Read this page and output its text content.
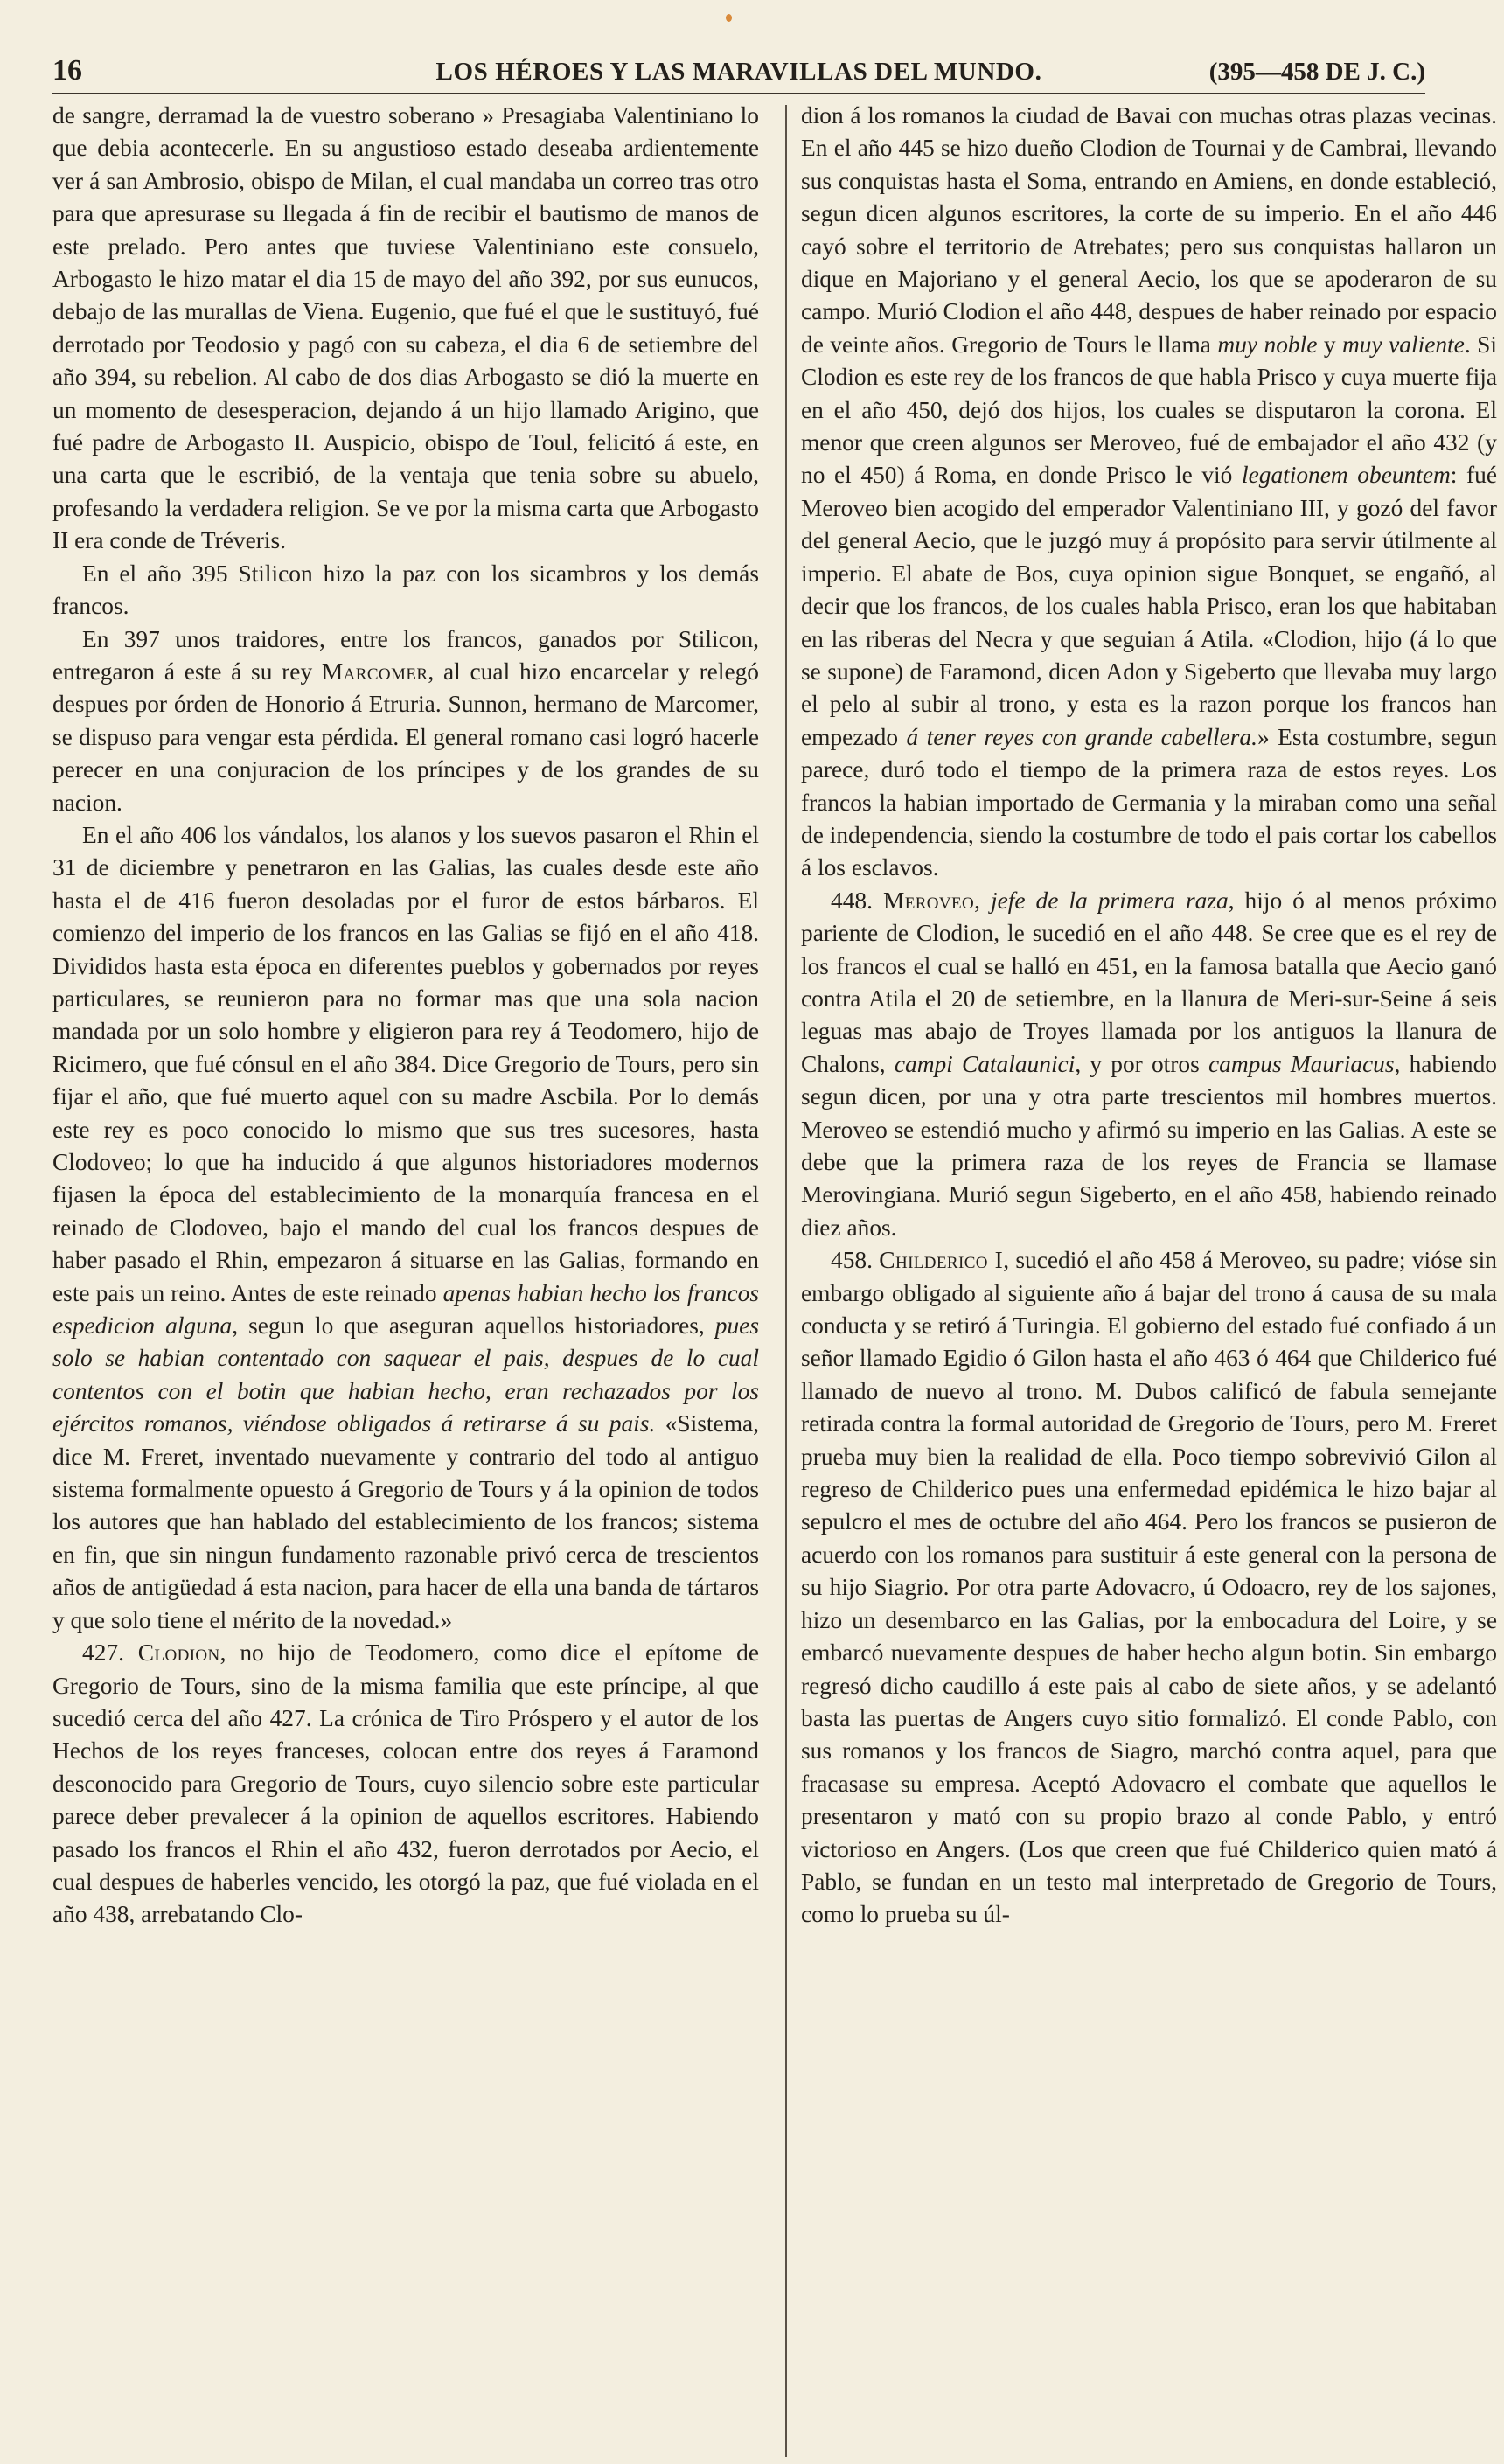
16	LOS HÉROES Y LAS MARAVILLAS DEL MUNDO.	(395—458 DE J. C.)

de sangre, derramad la de vuestro soberano » Presagiaba Valentiniano lo que debia acontecerle. En su angustioso estado deseaba ardientemente ver á san Ambrosio, obispo de Milan, el cual mandaba un correo tras otro para que apresurase su llegada á fin de recibir el bautismo de manos de este prelado. Pero antes que tuviese Valentiniano este consuelo, Arbogasto le hizo matar el dia 15 de mayo del año 392, por sus eunucos, debajo de las murallas de Viena. Eugenio, que fué el que le sustituyó, fué derrotado por Teodosio y pagó con su cabeza, el dia 6 de setiembre del año 394, su rebelion. Al cabo de dos dias Arbogasto se dió la muerte en un momento de desesperacion, dejando á un hijo llamado Arigino, que fué padre de Arbogasto II. Auspicio, obispo de Toul, felicitó á este, en una carta que le escribió, de la ventaja que tenia sobre su abuelo, profesando la verdadera religion. Se ve por la misma carta que Arbogasto II era conde de Tréveris.

En el año 395 Stilicon hizo la paz con los sicambros y los demás francos.

En 397 unos traidores, entre los francos, ganados por Stilicon, entregaron á este á su rey Marcomer, al cual hizo encarcelar y relegó despues por órden de Honorio á Etruria. Sunnon, hermano de Marcomer, se dispuso para vengar esta pérdida. El general romano casi logró hacerle perecer en una conjuracion de los príncipes y de los grandes de su nacion.

En el año 406 los vándalos, los alanos y los suevos pasaron el Rhin el 31 de diciembre y penetraron en las Galias, las cuales desde este año hasta el de 416 fueron desoladas por el furor de estos bárbaros. El comienzo del imperio de los francos en las Galias se fijó en el año 418. Divididos hasta esta época en diferentes pueblos y gobernados por reyes particulares, se reunieron para no formar mas que una sola nacion mandada por un solo hombre y eligieron para rey á Teodomero, hijo de Ricimero, que fué cónsul en el año 384. Dice Gregorio de Tours, pero sin fijar el año, que fué muerto aquel con su madre Ascbila. Por lo demás este rey es poco conocido lo mismo que sus tres sucesores, hasta Clodoveo; lo que ha inducido á que algunos historiadores modernos fijasen la época del establecimiento de la monarquía francesa en el reinado de Clodoveo, bajo el mando del cual los francos despues de haber pasado el Rhin, empezaron á situarse en las Galias, formando en este pais un reino. Antes de este reinado apenas habian hecho los francos espedicion alguna, segun lo que aseguran aquellos historiadores, pues solo se habian contentado con saquear el pais, despues de lo cual contentos con el botin que habian hecho, eran rechazados por los ejércitos romanos, viéndose obligados á retirarse á su pais. «Sistema, dice M. Freret, inventado nuevamente y contrario del todo al antiguo sistema formalmente opuesto á Gregorio de Tours y á la opinion de todos los autores que han hablado del establecimiento de los francos; sistema en fin, que sin ningun fundamento razonable privó cerca de trescientos años de antigüedad á esta nacion, para hacer de ella una banda de tártaros y que solo tiene el mérito de la novedad.»

427. Clodion, no hijo de Teodomero, como dice el epítome de Gregorio de Tours, sino de la misma familia que este príncipe, al que sucedió cerca del año 427. La crónica de Tiro Próspero y el autor de los Hechos de los reyes franceses, colocan entre dos reyes á Faramond desconocido para Gregorio de Tours, cuyo silencio sobre este particular parece deber prevalecer á la opinion de aquellos escritores. Habiendo pasado los francos el Rhin el año 432, fueron derrotados por Aecio, el cual despues de haberles vencido, les otorgó la paz, que fué violada en el año 438, arrebatando Clo-

dion á los romanos la ciudad de Bavai con muchas otras plazas vecinas. En el año 445 se hizo dueño Clodion de Tournai y de Cambrai, llevando sus conquistas hasta el Soma, entrando en Amiens, en donde estableció, segun dicen algunos escritores, la corte de su imperio. En el año 446 cayó sobre el territorio de Atrebates; pero sus conquistas hallaron un dique en Majoriano y el general Aecio, los que se apoderaron de su campo. Murió Clodion el año 448, despues de haber reinado por espacio de veinte años. Gregorio de Tours le llama muy noble y muy valiente. Si Clodion es este rey de los francos de que habla Prisco y cuya muerte fija en el año 450, dejó dos hijos, los cuales se disputaron la corona. El menor que creen algunos ser Meroveo, fué de embajador el año 432 (y no el 450) á Roma, en donde Prisco le vió legationem obeuntem: fué Meroveo bien acogido del emperador Valentiniano III, y gozó del favor del general Aecio, que le juzgó muy á propósito para servir útilmente al imperio. El abate de Bos, cuya opinion sigue Bonquet, se engañó, al decir que los francos, de los cuales habla Prisco, eran los que habitaban en las riberas del Necra y que seguian á Atila. «Clodion, hijo (á lo que se supone) de Faramond, dicen Adon y Sigeberto que llevaba muy largo el pelo al subir al trono, y esta es la razon porque los francos han empezado á tener reyes con grande cabellera.» Esta costumbre, segun parece, duró todo el tiempo de la primera raza de estos reyes. Los francos la habian importado de Germania y la miraban como una señal de independencia, siendo la costumbre de todo el pais cortar los cabellos á los esclavos.

448. Meroveo, jefe de la primera raza, hijo ó al menos próximo pariente de Clodion, le sucedió en el año 448. Se cree que es el rey de los francos el cual se halló en 451, en la famosa batalla que Aecio ganó contra Atila el 20 de setiembre, en la llanura de Meri-sur-Seine á seis leguas mas abajo de Troyes llamada por los antiguos la llanura de Chalons, campi Catalaunici, y por otros campus Mauriacus, habiendo segun dicen, por una y otra parte trescientos mil hombres muertos. Meroveo se estendió mucho y afirmó su imperio en las Galias. A este se debe que la primera raza de los reyes de Francia se llamase Merovingiana. Murió segun Sigeberto, en el año 458, habiendo reinado diez años.

458. Childerico I, sucedió el año 458 á Meroveo, su padre; vióse sin embargo obligado al siguiente año á bajar del trono á causa de su mala conducta y se retiró á Turingia. El gobierno del estado fué confiado á un señor llamado Egidio ó Gilon hasta el año 463 ó 464 que Childerico fué llamado de nuevo al trono. M. Dubos calificó de fabula semejante retirada contra la formal autoridad de Gregorio de Tours, pero M. Freret prueba muy bien la realidad de ella. Poco tiempo sobrevivió Gilon al regreso de Childerico pues una enfermedad epidémica le hizo bajar al sepulcro el mes de octubre del año 464. Pero los francos se pusieron de acuerdo con los romanos para sustituir á este general con la persona de su hijo Siagrio. Por otra parte Adovacro, ú Odoacro, rey de los sajones, hizo un desembarco en las Galias, por la embocadura del Loire, y se embarcó nuevamente despues de haber hecho algun botin. Sin embargo regresó dicho caudillo á este pais al cabo de siete años, y se adelantó basta las puertas de Angers cuyo sitio formalizó. El conde Pablo, con sus romanos y los francos de Siagro, marchó contra aquel, para que fracasase su empresa. Aceptó Adovacro el combate que aquellos le presentaron y mató con su propio brazo al conde Pablo, y entró victorioso en Angers. (Los que creen que fué Childerico quien mató á Pablo, se fundan en un testo mal interpretado de Gregorio de Tours, como lo prueba su úl-
